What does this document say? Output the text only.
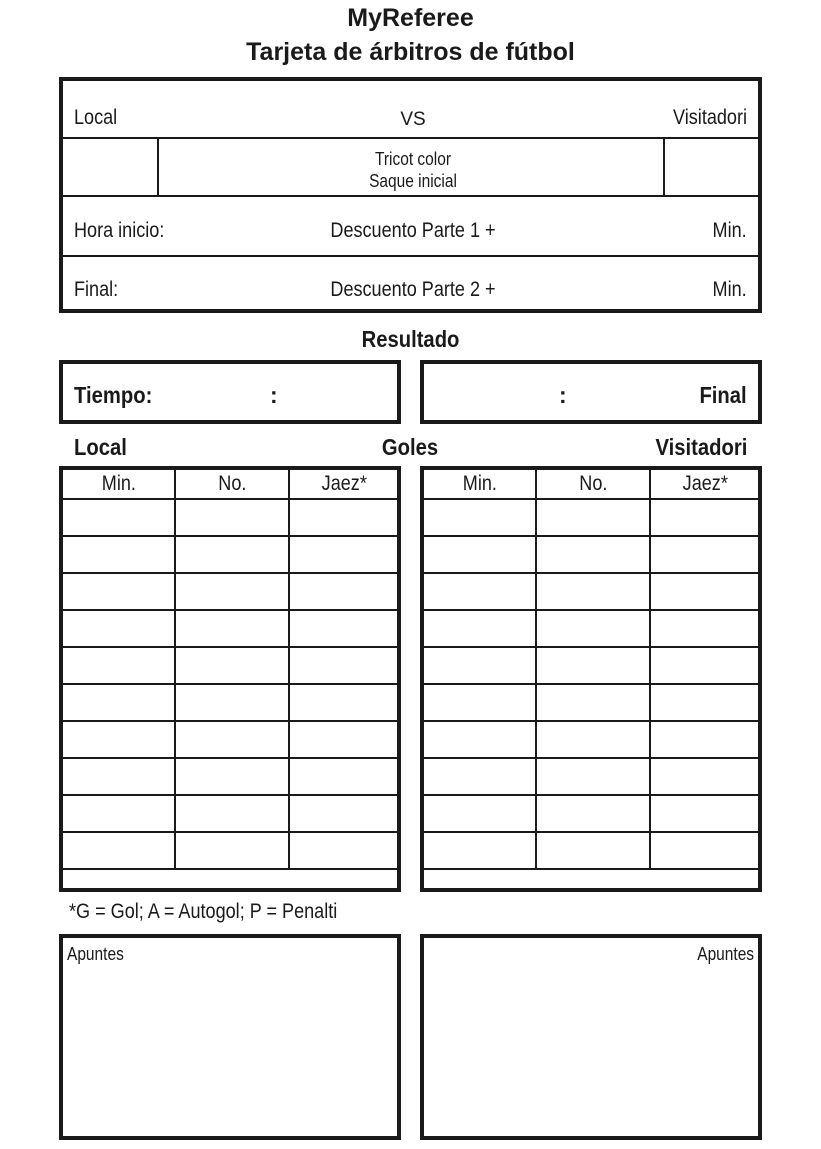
MyReferee
Tarjeta de árbitros de fútbol
Local	VS	Visitadori
Tricot color
Saque inicial
Hora inicio:	Descuento Parte 1 +	Min.
Final:	Descuento Parte 2 +	Min.
Resultado
Tiempo:	:	:	Final
Local	Goles	Visitadori
Min.	No.	Jaez*

			Min.	No.	Jaez*

*G = Gol; A = Autogol; P = Penalti
Apuntes	Apuntes
